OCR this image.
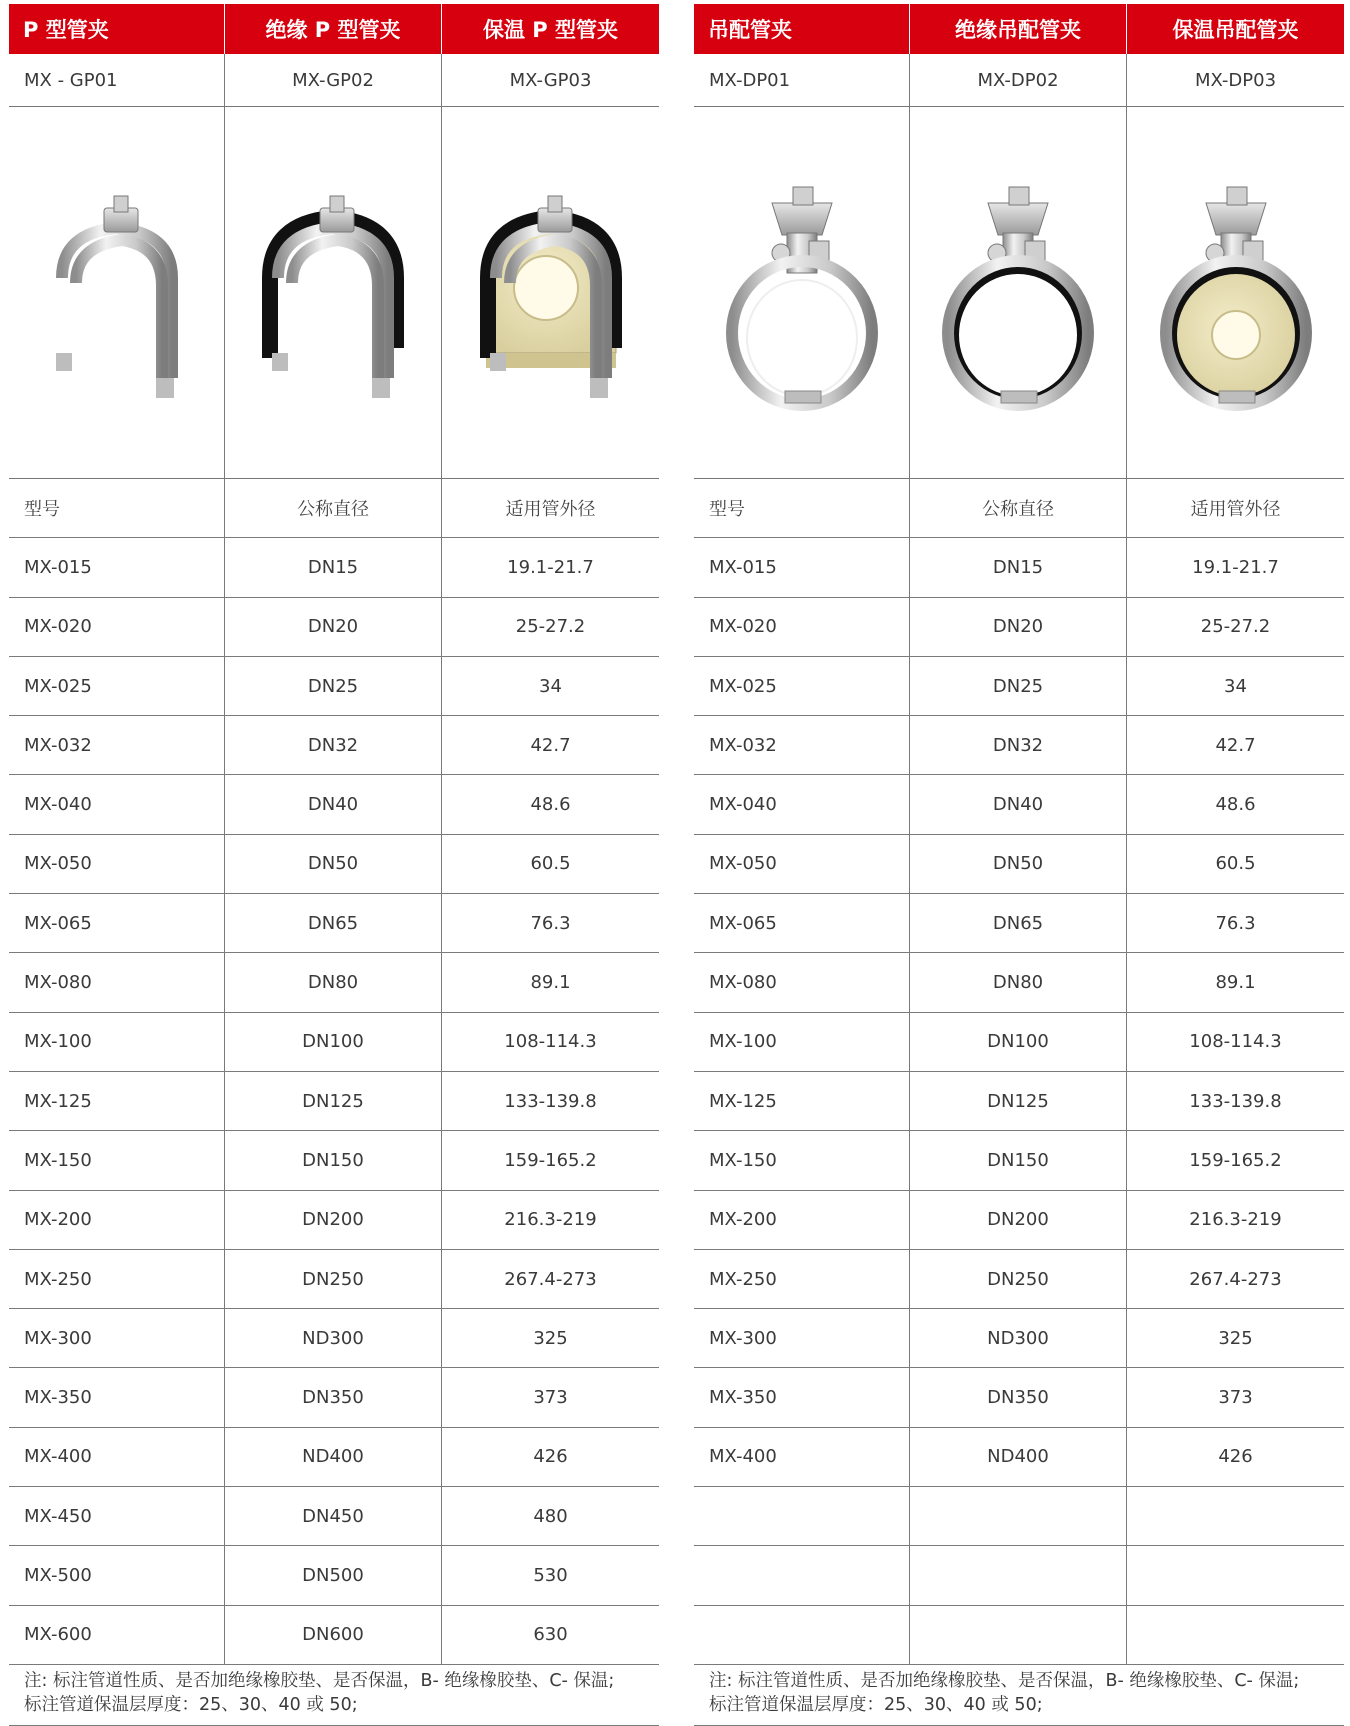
P 型管夹	绝缘 P 型管夹	保温 P 型管夹
MX - GP01	MX-GP02	MX-GP03
型号	公称直径	适用管外径
MX-015	DN15	19.1-21.7
MX-020	DN20	25-27.2
MX-025	DN25	34
MX-032	DN32	42.7
MX-040	DN40	48.6
MX-050	DN50	60.5
MX-065	DN65	76.3
MX-080	DN80	89.1
MX-100	DN100	108-114.3
MX-125	DN125	133-139.8
MX-150	DN150	159-165.2
MX-200	DN200	216.3-219
MX-250	DN250	267.4-273
MX-300	ND300	325
MX-350	DN350	373
MX-400	ND400	426
MX-450	DN450	480
MX-500	DN500	530
MX-600	DN600	630
注: 标注管道性质、是否加绝缘橡胶垫、是否保温，B- 绝缘橡胶垫、C- 保温;
标注管道保温层厚度：25、30、40 或 50;
吊配管夹	绝缘吊配管夹	保温吊配管夹
MX-DP01	MX-DP02	MX-DP03
型号	公称直径	适用管外径
MX-015	DN15	19.1-21.7
MX-020	DN20	25-27.2
MX-025	DN25	34
MX-032	DN32	42.7
MX-040	DN40	48.6
MX-050	DN50	60.5
MX-065	DN65	76.3
MX-080	DN80	89.1
MX-100	DN100	108-114.3
MX-125	DN125	133-139.8
MX-150	DN150	159-165.2
MX-200	DN200	216.3-219
MX-250	DN250	267.4-273
MX-300	ND300	325
MX-350	DN350	373
MX-400	ND400	426
注: 标注管道性质、是否加绝缘橡胶垫、是否保温，B- 绝缘橡胶垫、C- 保温;
标注管道保温层厚度：25、30、40 或 50;
